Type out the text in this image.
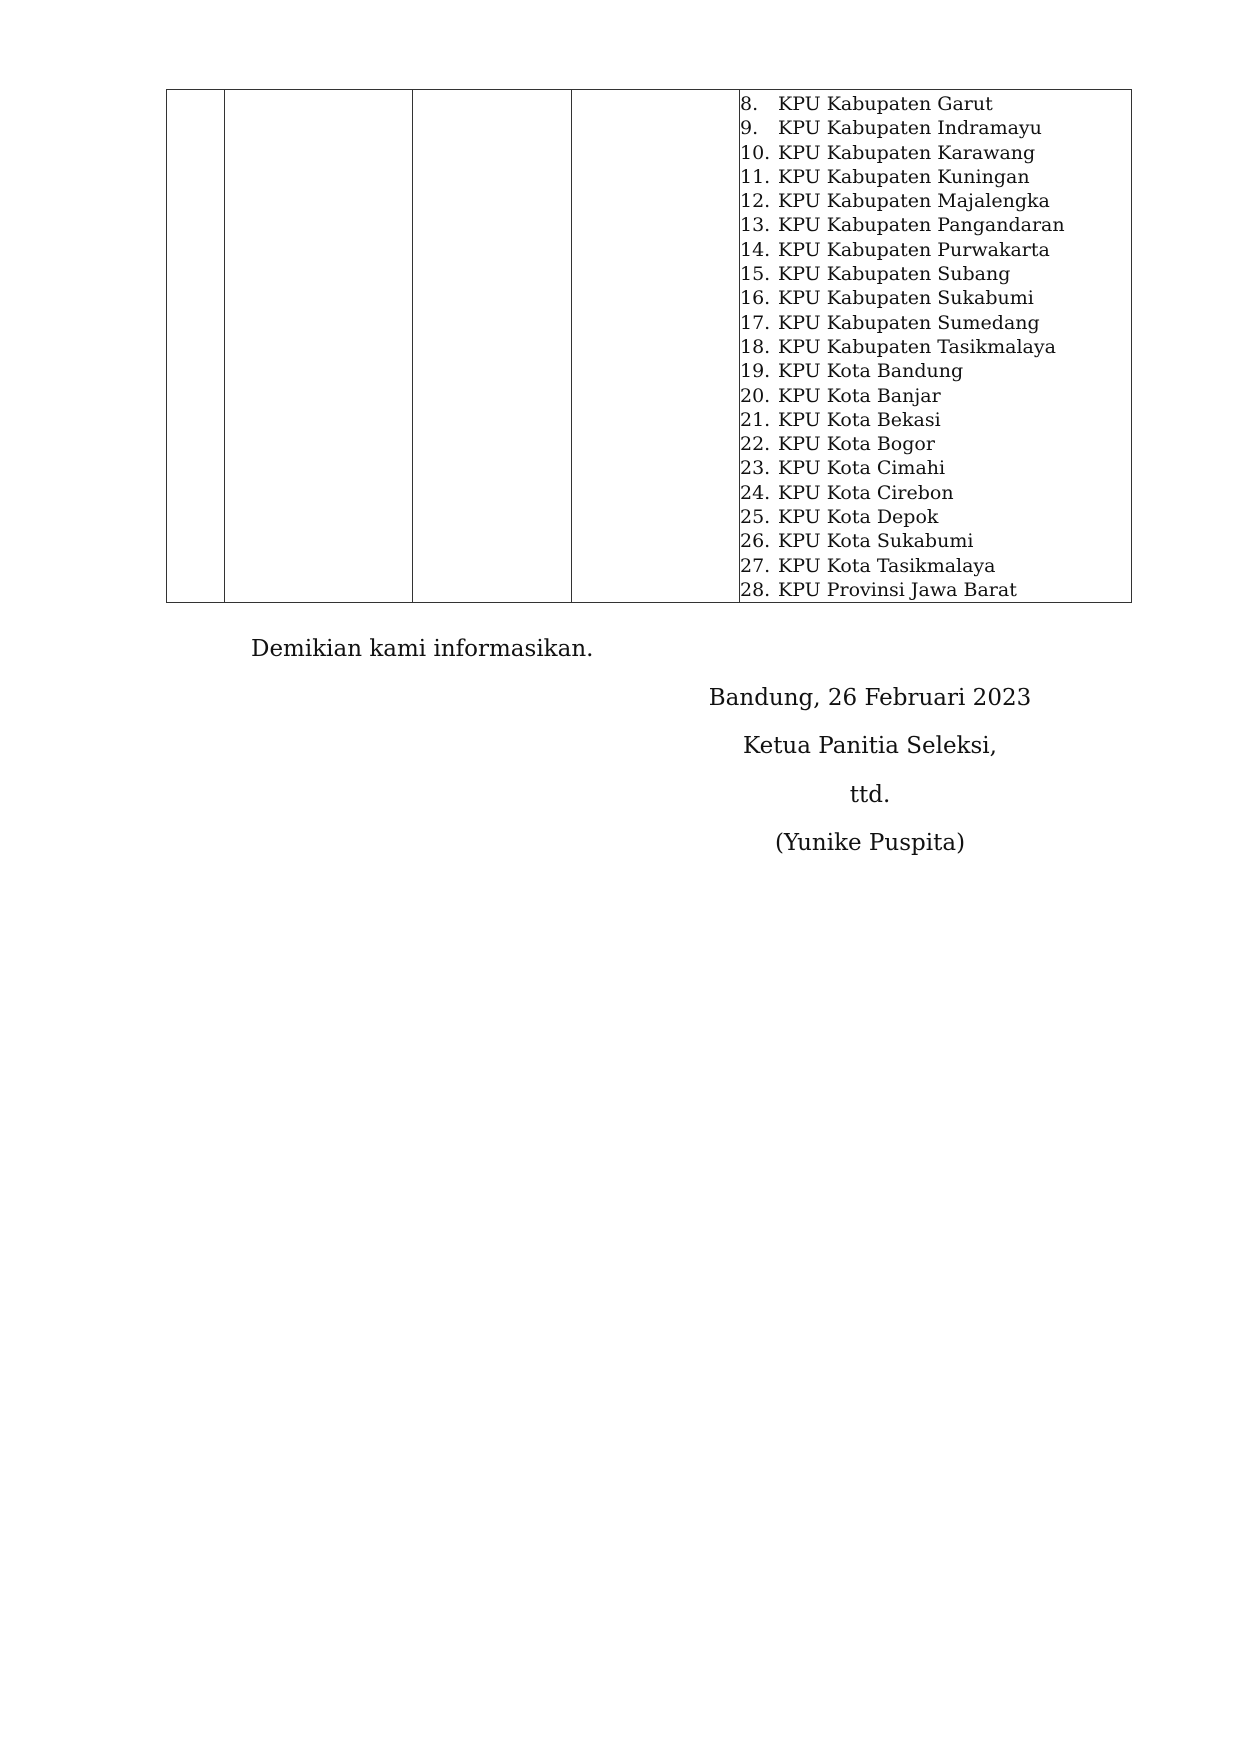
8.	KPU Kabupaten Garut
9.	KPU Kabupaten Indramayu
10. KPU Kabupaten Karawang
11. KPU Kabupaten Kuningan
12. KPU Kabupaten Majalengka
13. KPU Kabupaten Pangandaran
14. KPU Kabupaten Purwakarta
15. KPU Kabupaten Subang
16. KPU Kabupaten Sukabumi
17. KPU Kabupaten Sumedang
18. KPU Kabupaten Tasikmalaya
19. KPU Kota Bandung
20. KPU Kota Banjar
21. KPU Kota Bekasi
22. KPU Kota Bogor
23. KPU Kota Cimahi
24. KPU Kota Cirebon
25. KPU Kota Depok
26. KPU Kota Sukabumi
27. KPU Kota Tasikmalaya
28. KPU Provinsi Jawa Barat
Demikian kami informasikan.
Bandung, 26 Februari 2023
Ketua Panitia Seleksi,
ttd.
(Yunike Puspita)
